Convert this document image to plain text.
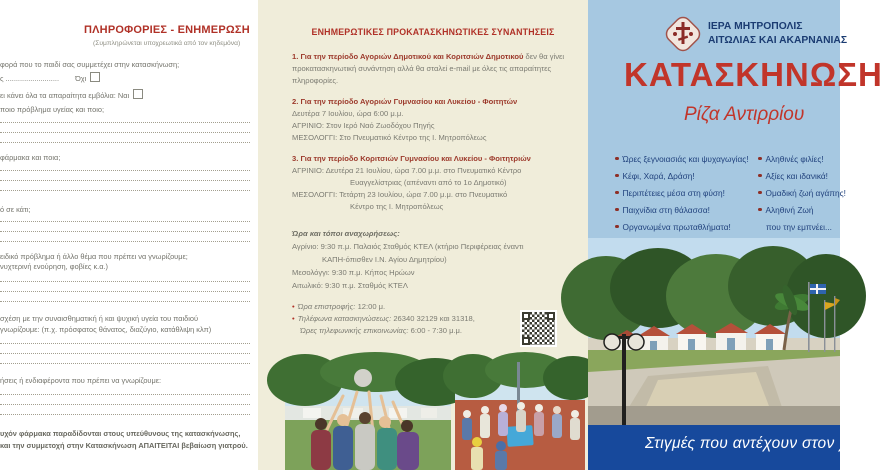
ΠΛΗΡΟΦΟΡΙΕΣ - ΕΝΗΜΕΡΩΣΗ
(Συμπληρώνεται υποχρεωτικά από τον κηδεμόνα)
φορά που το παιδί σας συμμετέχει στην κατασκήνωση;
ς .......................... Όχι
ει κάνει όλα τα απαραίτητα εμβόλια: Ναι
ποιο πρόβλημα υγείας και ποιο;
φάρμακα και ποια;
ό σε κάτι;
ειδικό πρόβλημα ή άλλο θέμα που πρέπει να γνωρίζουμε;
νυχτερινή ενούρηση, φοβίες κ.α.)
σχέση με την συναισθηματική ή και ψυχική υγεία του παιδιού
γνωρίζουμε: (π.χ. πρόσφατος θάνατος, διαζύγιο, κατάθλιψη κλπ)
ήσεις ή ενδιαφέροντα που πρέπει να γνωρίζουμε:
υχόν φάρμακα παραδίδονται στους υπεύθυνους της κατασκήνωσης,
και την συμμετοχή στην Κατασκήνωση ΑΠΑΙΤΕΙΤΑΙ βεβαίωση γιατρού.
ΕΝΗΜΕΡΩΤΙΚΕΣ ΠΡΟΚΑΤΑΣΚΗΝΩΤΙΚΕΣ ΣΥΝΑΝΤΗΣΕΙΣ

1. Για την περίοδο Αγοριών Δημοτικού και Κοριτσιών Δημοτικού δεν θα γίνει προκατασκηνωτική συνάντηση αλλά θα σταλεί e-mail με όλες τις απαραίτητες πληροφορίες.

2. Για την περίοδο Αγοριών Γυμνασίου και Λυκείου - Φοιτητών
Δευτέρα 7 Ιουλίου, ώρα 6:00 μ.μ.
ΑΓΡΙΝΙΟ: Στον Ιερό Ναό Ζωοδόχου Πηγής
ΜΕΣΟΛΟΓΓΙ: Στο Πνευματικό Κέντρο της Ι. Μητροπόλεως
3. Για την περίοδο Κοριτσιών Γυμνασίου και Λυκείου - Φοιτητριών
ΑΓΡΙΝΙΟ: Δευτέρα 21 Ιουλίου, ώρα 7.00 μ.μ. στο Πνευματικό Κέντρο
Ευαγγελίστριας (απέναντι από το 1ο Δημοτικό)
ΜΕΣΟΛΟΓΓΙ: Τετάρτη 23 Ιουλίου, ώρα 7.00 μ.μ. στο Πνευματικό
Κέντρο της Ι. Μητροπόλεως
Ώρα και τόποι αναχωρήσεως:
Αγρίνιο: 9:30 π.μ. Παλαιός Σταθμός ΚΤΕΛ (κτήριο Περιφέρειας έναντι
ΚΑΠΗ-όπισθεν Ι.Ν. Αγίου Δημητρίου)
Μεσολόγγι: 9:30 π.μ. Κήπος Ηρώων
Αιτωλικό: 9:30 π.μ. Σταθμός ΚΤΕΛ
• Ώρα επιστροφής: 12:00 μ.
• Τηλέφωνα κατασκηνώσεως: 26340 32129 και 31318,
Ώρες τηλεφωνικής επικοινωνίας: 6:00 - 7:30 μ.μ.
ΙΕΡΑ ΜΗΤΡΟΠΟΛΙΣ
ΑΙΤΩΛΙΑΣ ΚΑΙ ΑΚΑΡΝΑΝΙΑΣ
ΚΑΤΑΣΚΗΝΩΣΗ
Ρίζα Αντιρρίου
Ώρες ξεγνοιασιάς και ψυχαγωγίας!
Κέφι, Χαρά, Δράση!
Περιπέτειες μέσα στη φύση!
Παιχνίδια στη θάλασσα!
Οργανωμένα πρωταθλήματα!
Αληθινές φιλίες!
Αξίες και ιδανικά!
Ομαδική ζωή αγάπης!
Αληθινή Ζωή
που την εμπνέει...
Στιγμές που αντέχουν στον χρόνο
